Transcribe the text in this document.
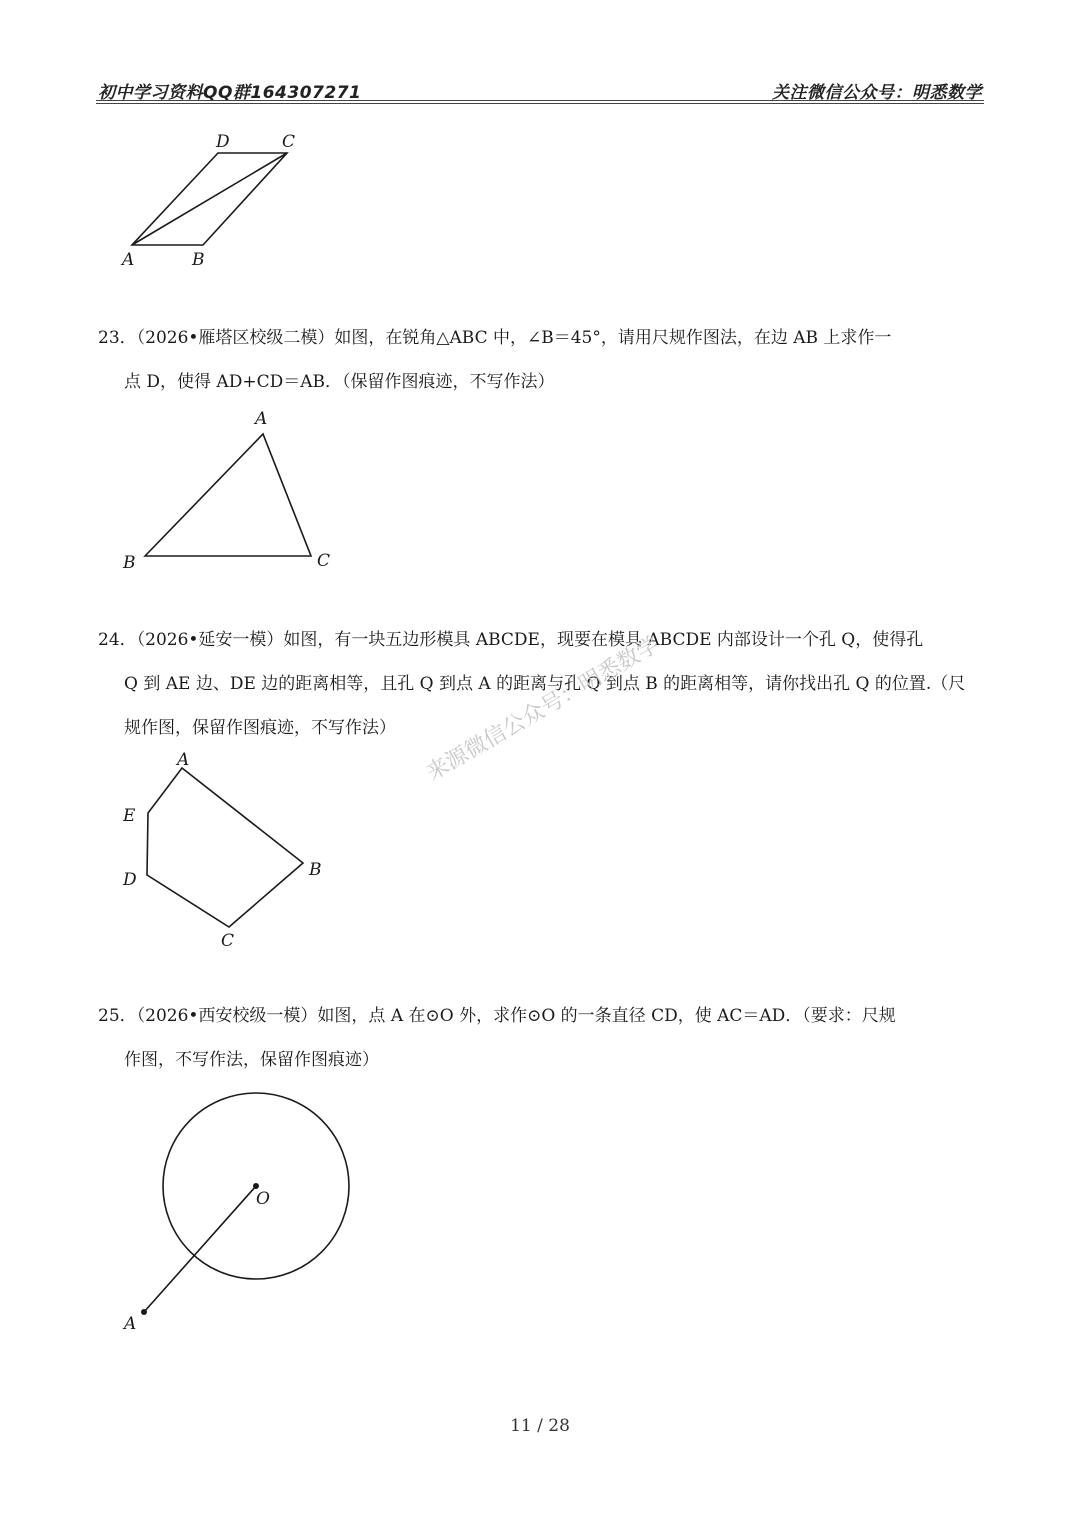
初中学习资料QQ群164307271	关注微信公众号：明悉数学
D	C
A	B
23．（2026•雁塔区校级二模）如图，在锐角△ABC 中，∠B＝45°，请用尺规作图法，在边 AB 上求作一
点 D，使得 AD+CD＝AB．（保留作图痕迹，不写作法）
A
B	C
24．（2026•延安一模）如图，有一块五边形模具 ABCDE，现要在模具 ABCDE 内部设计一个孔 Q，使得孔
Q 到 AE 边、DE 边的距离相等，且孔 Q 到点 A 的距离与孔 Q 到点 B 的距离相等，请你找出孔 Q 的位置.（尺
规作图，保留作图痕迹，不写作法）
A
B
C
D
E
来源微信公众号：明悉数学
25．（2026•西安校级一模）如图，点 A 在⊙O 外，求作⊙O 的一条直径 CD，使 AC＝AD．（要求：尺规
作图，不写作法，保留作图痕迹）
O
A
11 / 28
